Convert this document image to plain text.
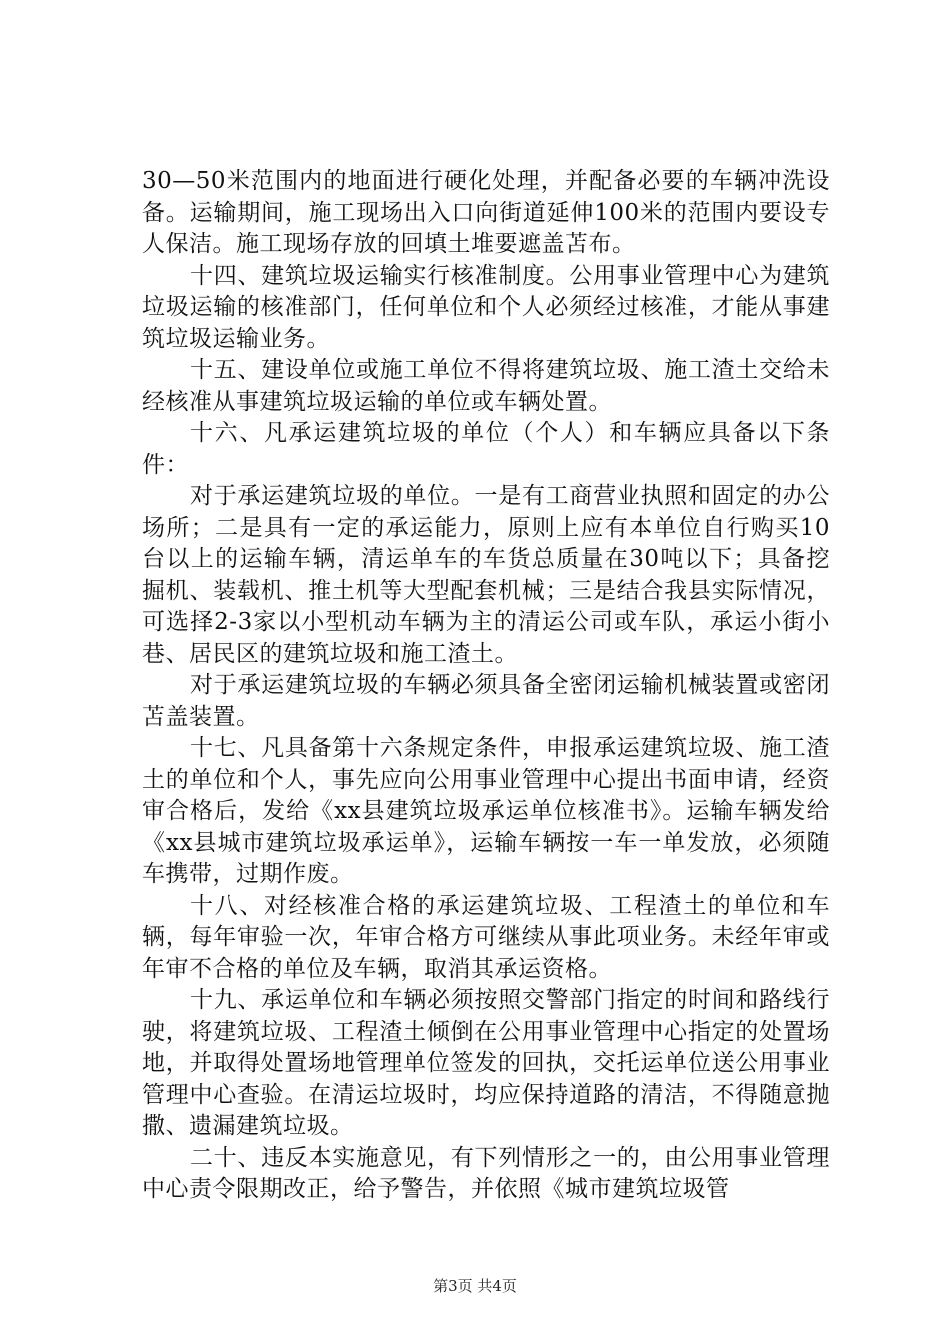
30—50米范围内的地面进行硬化处理，并配备必要的车辆冲洗设备。运输期间，施工现场出入口向街道延伸100米的范围内要设专人保洁。施工现场存放的回填土堆要遮盖苫布。

十四、建筑垃圾运输实行核准制度。公用事业管理中心为建筑垃圾运输的核准部门，任何单位和个人必须经过核准，才能从事建筑垃圾运输业务。

十五、建设单位或施工单位不得将建筑垃圾、施工渣土交给未经核准从事建筑垃圾运输的单位或车辆处置。

十六、凡承运建筑垃圾的单位（个人）和车辆应具备以下条件：

对于承运建筑垃圾的单位。一是有工商营业执照和固定的办公场所；二是具有一定的承运能力，原则上应有本单位自行购买10台以上的运输车辆，清运单车的车货总质量在30吨以下；具备挖掘机、装载机、推土机等大型配套机械；三是结合我县实际情况，可选择2-3家以小型机动车辆为主的清运公司或车队，承运小街小巷、居民区的建筑垃圾和施工渣土。

对于承运建筑垃圾的车辆必须具备全密闭运输机械装置或密闭苫盖装置。

十七、凡具备第十六条规定条件，申报承运建筑垃圾、施工渣土的单位和个人，事先应向公用事业管理中心提出书面申请，经资审合格后，发给《xx县建筑垃圾承运单位核准书》。运输车辆发给《xx县城市建筑垃圾承运单》，运输车辆按一车一单发放，必须随车携带，过期作废。

十八、对经核准合格的承运建筑垃圾、工程渣土的单位和车辆，每年审验一次，年审合格方可继续从事此项业务。未经年审或年审不合格的单位及车辆，取消其承运资格。

十九、承运单位和车辆必须按照交警部门指定的时间和路线行驶，将建筑垃圾、工程渣土倾倒在公用事业管理中心指定的处置场地，并取得处置场地管理单位签发的回执，交托运单位送公用事业管理中心查验。在清运垃圾时，均应保持道路的清洁，不得随意抛撒、遗漏建筑垃圾。

二十、违反本实施意见，有下列情形之一的，由公用事业管理中心责令限期改正，给予警告，并依照《城市建筑垃圾管

第3页 共4页
